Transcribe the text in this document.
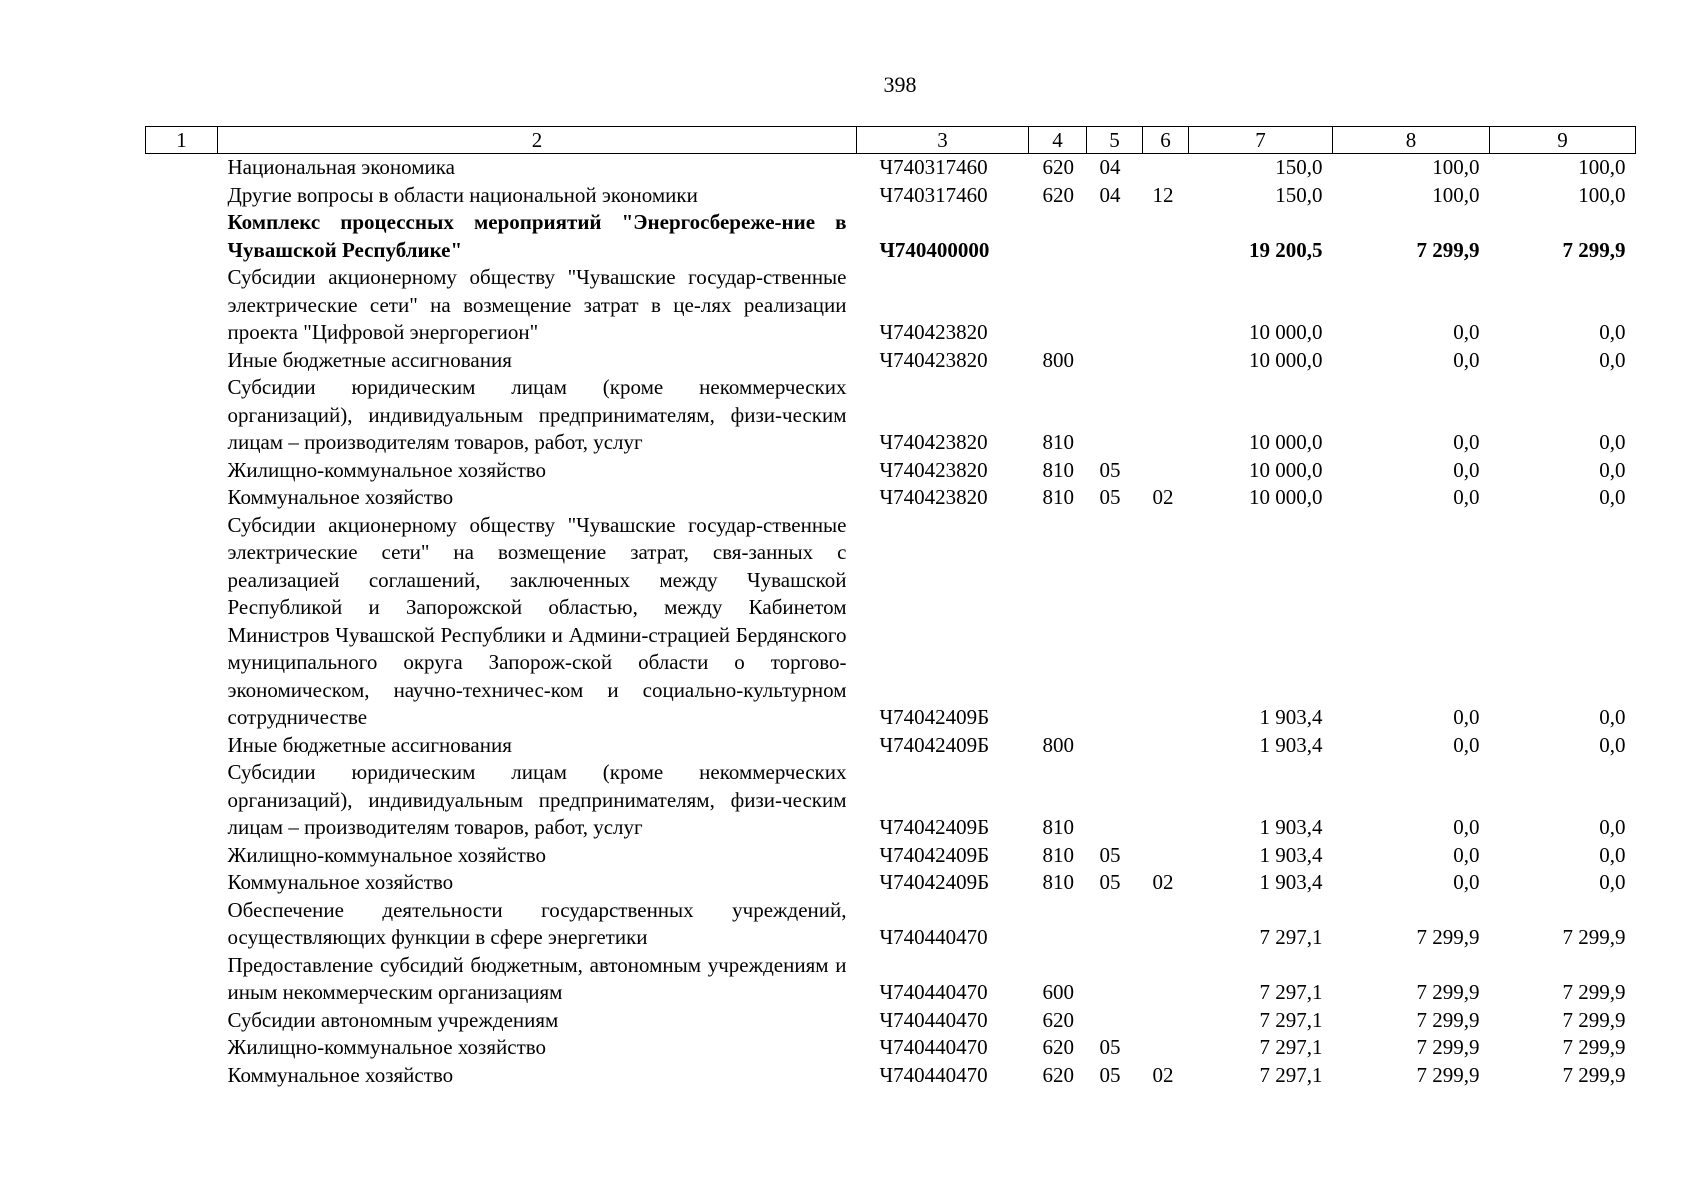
398
1	2	3	4	5	6	7	8	9
	Национальная экономика	Ч740317460	620	04		150,0	100,0	100,0
	Другие вопросы в области национальной экономики	Ч740317460	620	04	12	150,0	100,0	100,0
	Комплекс процессных мероприятий "Энергосбереже-ние в Чувашской Республике"	Ч740400000				19 200,5	7 299,9	7 299,9
	Субсидии акционерному обществу "Чувашские государ-ственные электрические сети" на возмещение затрат в це-лях реализации проекта "Цифровой энергорегион"	Ч740423820				10 000,0	0,0	0,0
	Иные бюджетные ассигнования	Ч740423820	800			10 000,0	0,0	0,0
	Субсидии юридическим лицам (кроме некоммерческих организаций), индивидуальным предпринимателям, физи-ческим лицам – производителям товаров, работ, услуг	Ч740423820	810			10 000,0	0,0	0,0
	Жилищно-коммунальное хозяйство	Ч740423820	810	05		10 000,0	0,0	0,0
	Коммунальное хозяйство	Ч740423820	810	05	02	10 000,0	0,0	0,0
	Субсидии акционерному обществу "Чувашские государ-ственные электрические сети" на возмещение затрат, свя-занных с реализацией соглашений, заключенных между Чувашской Республикой и Запорожской областью, между Кабинетом Министров Чувашской Республики и Админи-страцией Бердянского муниципального округа Запорож-ской области о торгово-экономическом, научно-техничес-ком и социально-культурном сотрудничестве	Ч74042409Б				1 903,4	0,0	0,0
	Иные бюджетные ассигнования	Ч74042409Б	800			1 903,4	0,0	0,0
	Субсидии юридическим лицам (кроме некоммерческих организаций), индивидуальным предпринимателям, физи-ческим лицам – производителям товаров, работ, услуг	Ч74042409Б	810			1 903,4	0,0	0,0
	Жилищно-коммунальное хозяйство	Ч74042409Б	810	05		1 903,4	0,0	0,0
	Коммунальное хозяйство	Ч74042409Б	810	05	02	1 903,4	0,0	0,0
	Обеспечение деятельности государственных учреждений, осуществляющих функции в сфере энергетики	Ч740440470				7 297,1	7 299,9	7 299,9
	Предоставление субсидий бюджетным, автономным учреждениям и иным некоммерческим организациям	Ч740440470	600			7 297,1	7 299,9	7 299,9
	Субсидии автономным учреждениям	Ч740440470	620			7 297,1	7 299,9	7 299,9
	Жилищно-коммунальное хозяйство	Ч740440470	620	05		7 297,1	7 299,9	7 299,9
	Коммунальное хозяйство	Ч740440470	620	05	02	7 297,1	7 299,9	7 299,9
